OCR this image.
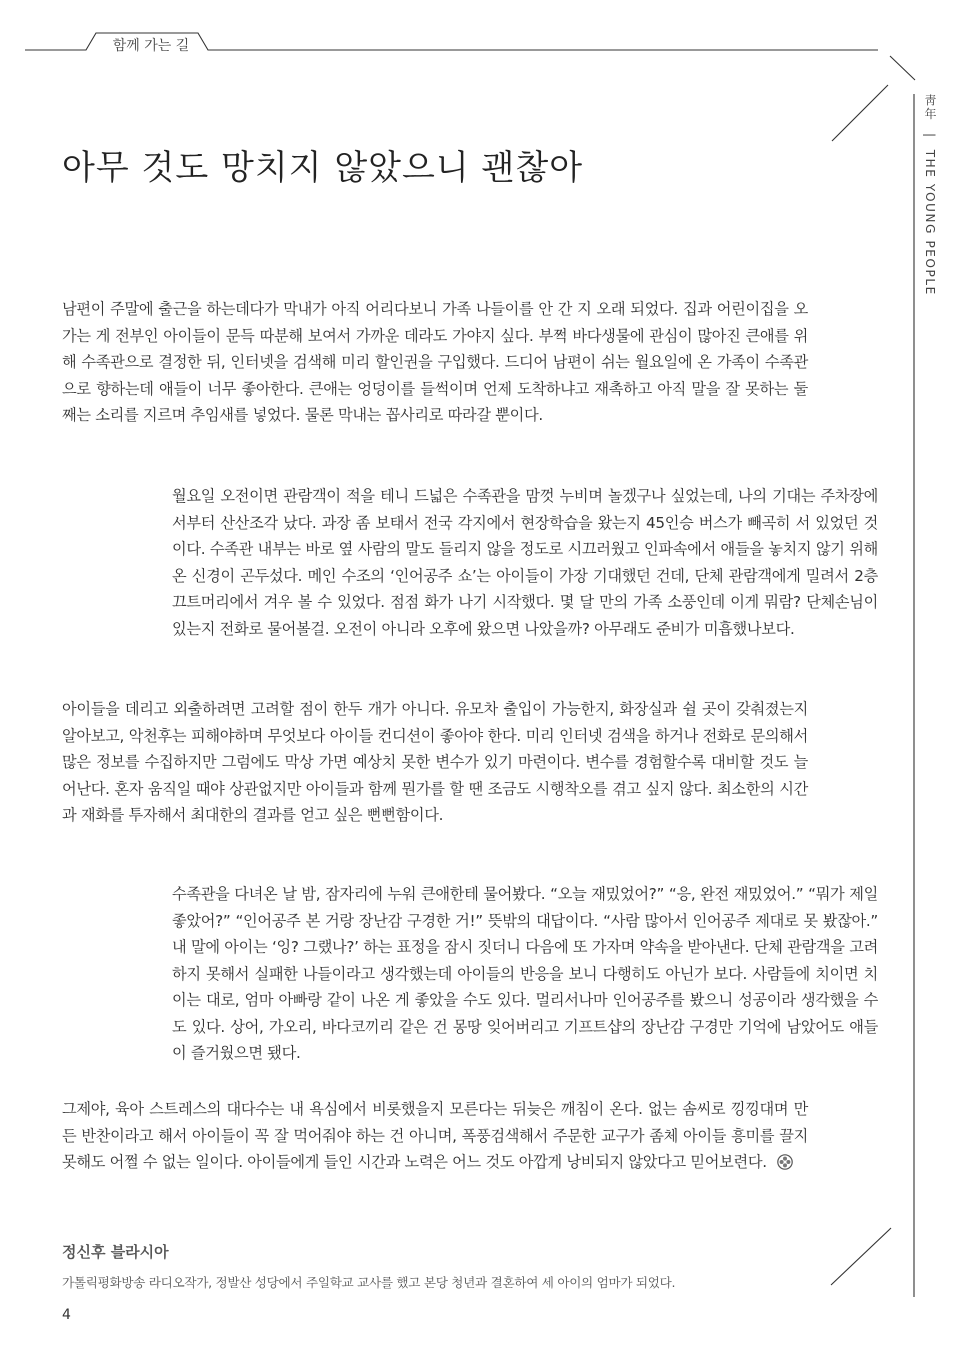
함께 가는 길
靑年 | THE YOUNG PEOPLE
아무 것도 망치지 않았으니 괜찮아

남편이 주말에 출근을 하는데다가 막내가 아직 어리다보니 가족 나들이를 안 간 지 오래 되었다. 집과 어린이집을 오가는 게 전부인 아이들이 문득 따분해 보여서 가까운 데라도 가야지 싶다. 부쩍 바다생물에 관심이 많아진 큰애를 위해 수족관으로 결정한 뒤, 인터넷을 검색해 미리 할인권을 구입했다. 드디어 남편이 쉬는 월요일에 온 가족이 수족관으로 향하는데 애들이 너무 좋아한다. 큰애는 엉덩이를 들썩이며 언제 도착하냐고 재촉하고 아직 말을 잘 못하는 둘째는 소리를 지르며 추임새를 넣었다. 물론 막내는 꼽사리로 따라갈 뿐이다.

월요일 오전이면 관람객이 적을 테니 드넓은 수족관을 맘껏 누비며 놀겠구나 싶었는데, 나의 기대는 주차장에서부터 산산조각 났다. 과장 좀 보태서 전국 각지에서 현장학습을 왔는지 45인승 버스가 빼곡히 서 있었던 것이다. 수족관 내부는 바로 옆 사람의 말도 들리지 않을 정도로 시끄러웠고 인파속에서 애들을 놓치지 않기 위해 온 신경이 곤두섰다. 메인 수조의 ‘인어공주 쇼’는 아이들이 가장 기대했던 건데, 단체 관람객에게 밀려서 2층 끄트머리에서 겨우 볼 수 있었다. 점점 화가 나기 시작했다. 몇 달 만의 가족 소풍인데 이게 뭐람? 단체손님이 있는지 전화로 물어볼걸. 오전이 아니라 오후에 왔으면 나았을까? 아무래도 준비가 미흡했나보다.

아이들을 데리고 외출하려면 고려할 점이 한두 개가 아니다. 유모차 출입이 가능한지, 화장실과 쉴 곳이 갖춰졌는지 알아보고, 악천후는 피해야하며 무엇보다 아이들 컨디션이 좋아야 한다. 미리 인터넷 검색을 하거나 전화로 문의해서 많은 정보를 수집하지만 그럼에도 막상 가면 예상치 못한 변수가 있기 마련이다. 변수를 경험할수록 대비할 것도 늘어난다. 혼자 움직일 때야 상관없지만 아이들과 함께 뭔가를 할 땐 조금도 시행착오를 겪고 싶지 않다. 최소한의 시간과 재화를 투자해서 최대한의 결과를 얻고 싶은 뻔뻔함이다.

수족관을 다녀온 날 밤, 잠자리에 누워 큰애한테 물어봤다. “오늘 재밌었어?” “응, 완전 재밌었어.” “뭐가 제일 좋았어?” “인어공주 본 거랑 장난감 구경한 거!” 뜻밖의 대답이다. “사람 많아서 인어공주 제대로 못 봤잖아.” 내 말에 아이는 ‘잉? 그랬나?’ 하는 표정을 잠시 짓더니 다음에 또 가자며 약속을 받아낸다. 단체 관람객을 고려하지 못해서 실패한 나들이라고 생각했는데 아이들의 반응을 보니 다행히도 아닌가 보다. 사람들에 치이면 치이는 대로, 엄마 아빠랑 같이 나온 게 좋았을 수도 있다. 멀리서나마 인어공주를 봤으니 성공이라 생각했을 수도 있다. 상어, 가오리, 바다코끼리 같은 건 몽땅 잊어버리고 기프트샵의 장난감 구경만 기억에 남았어도 애들이 즐거웠으면 됐다.

그제야, 육아 스트레스의 대다수는 내 욕심에서 비롯했을지 모른다는 뒤늦은 깨침이 온다. 없는 솜씨로 낑낑대며 만든 반찬이라고 해서 아이들이 꼭 잘 먹어줘야 하는 건 아니며, 폭풍검색해서 주문한 교구가 좀체 아이들 흥미를 끌지 못해도 어쩔 수 없는 일이다. 아이들에게 들인 시간과 노력은 어느 것도 아깝게 낭비되지 않았다고 믿어보련다.

정신후 블라시아
가톨릭평화방송 라디오작가, 정발산 성당에서 주일학교 교사를 했고 본당 청년과 결혼하여 세 아이의 엄마가 되었다.
4
